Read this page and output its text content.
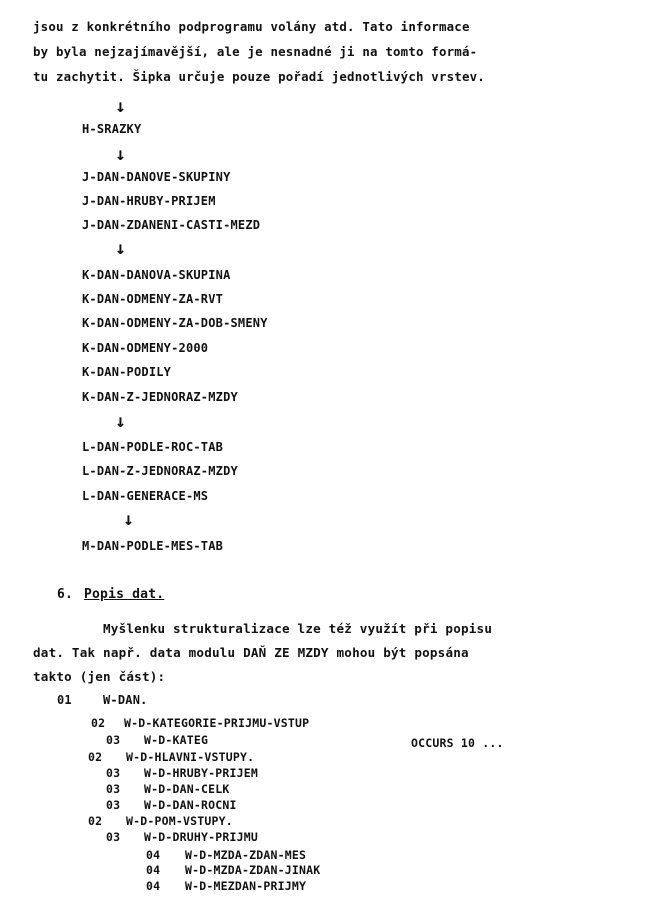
jsou z konkrétního podprogramu volány atd. Tato informace
by byla nejzajímavější, ale je nesnadné ji na tomto formá-
tu zachytit. Šipka určuje pouze pořadí jednotlivých vrstev.
↓
H-SRAZKY
↓
J-DAN-DANOVE-SKUPINY
J-DAN-HRUBY-PRIJEM
J-DAN-ZDANENI-CASTI-MEZD
↓
K-DAN-DANOVA-SKUPINA
K-DAN-ODMENY-ZA-RVT
K-DAN-ODMENY-ZA-DOB-SMENY
K-DAN-ODMENY-2000
K-DAN-PODILY
K-DAN-Z-JEDNORAZ-MZDY
↓
L-DAN-PODLE-ROC-TAB
L-DAN-Z-JEDNORAZ-MZDY
L-DAN-GENERACE-MS
↓
M-DAN-PODLE-MES-TAB
6. Popis dat.
Myšlenku strukturalizace lze též využít při popisu
dat. Tak např. data modulu DAŇ ZE MZDY mohou být popsána
takto (jen část):
01	W-DAN.
02 W-D-KATEGORIE-PRIJMU-VSTUP
03 W-D-KATEG	OCCURS 10 ...
02 W-D-HLAVNI-VSTUPY.
03 W-D-HRUBY-PRIJEM
03 W-D-DAN-CELK
03 W-D-DAN-ROCNI
02 W-D-POM-VSTUPY.
03 W-D-DRUHY-PRIJMU
04 W-D-MZDA-ZDAN-MES
04 W-D-MZDA-ZDAN-JINAK
04 W-D-MEZDAN-PRIJMY
